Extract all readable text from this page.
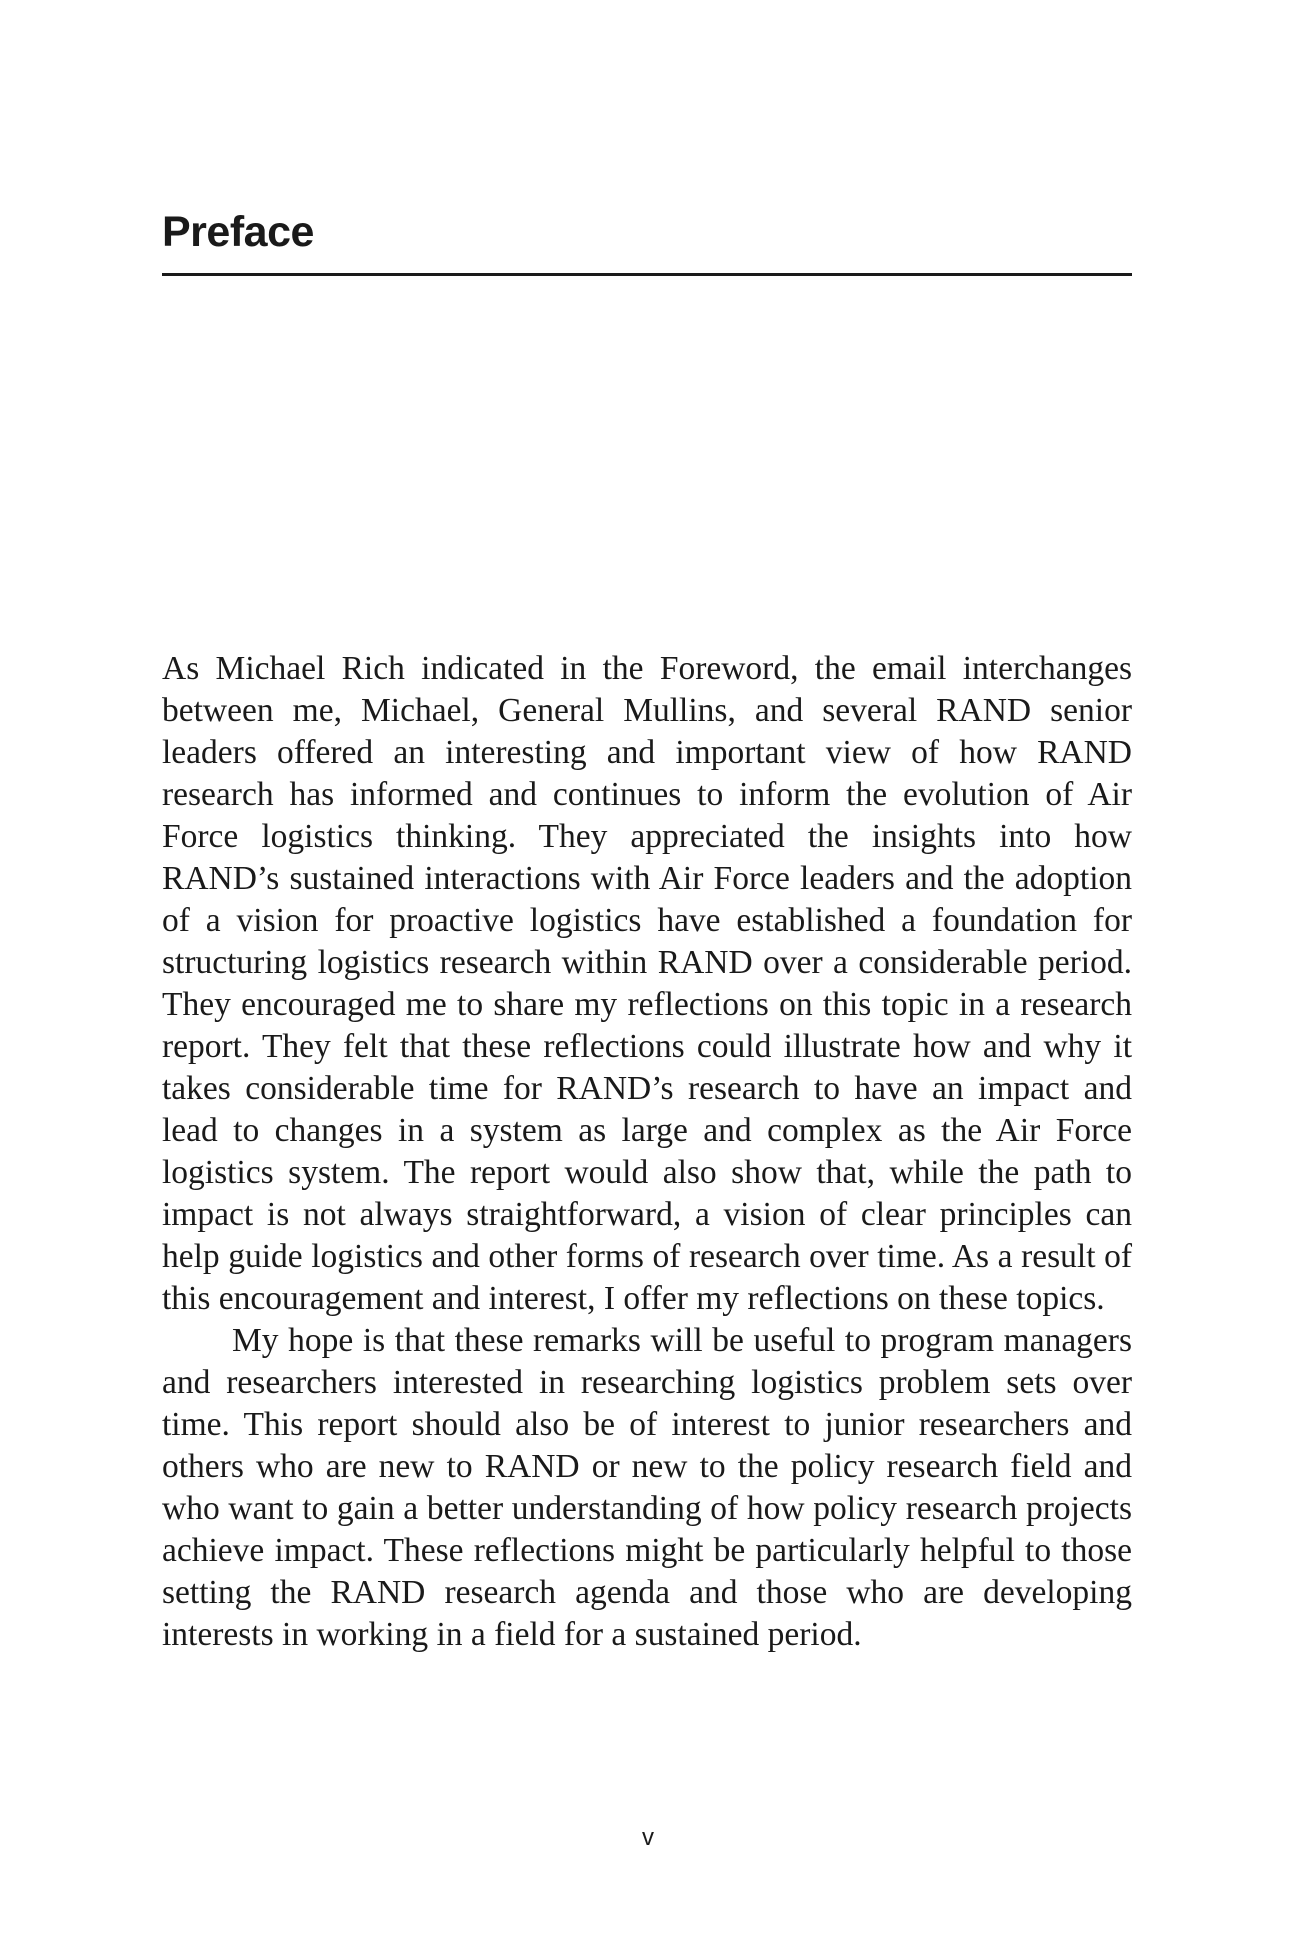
Preface

As Michael Rich indicated in the Foreword, the email interchanges between me, Michael, General Mullins, and several RAND senior leaders offered an interesting and important view of how RAND research has informed and continues to inform the evolution of Air Force logistics thinking. They appreciated the insights into how RAND’s sustained interactions with Air Force leaders and the adoption of a vision for proactive logistics have established a foundation for structuring logistics research within RAND over a considerable period. They encouraged me to share my reflections on this topic in a research report. They felt that these reflections could illustrate how and why it takes considerable time for RAND’s research to have an impact and lead to changes in a system as large and complex as the Air Force logistics system. The report would also show that, while the path to impact is not always straightforward, a vision of clear principles can help guide logistics and other forms of research over time. As a result of this encouragement and interest, I offer my reflections on these topics.

My hope is that these remarks will be useful to program managers and researchers interested in researching logistics problem sets over time. This report should also be of interest to junior researchers and others who are new to RAND or new to the policy research field and who want to gain a better understanding of how policy research projects achieve impact. These reflections might be particularly helpful to those setting the RAND research agenda and those who are developing interests in working in a field for a sustained period.

v
